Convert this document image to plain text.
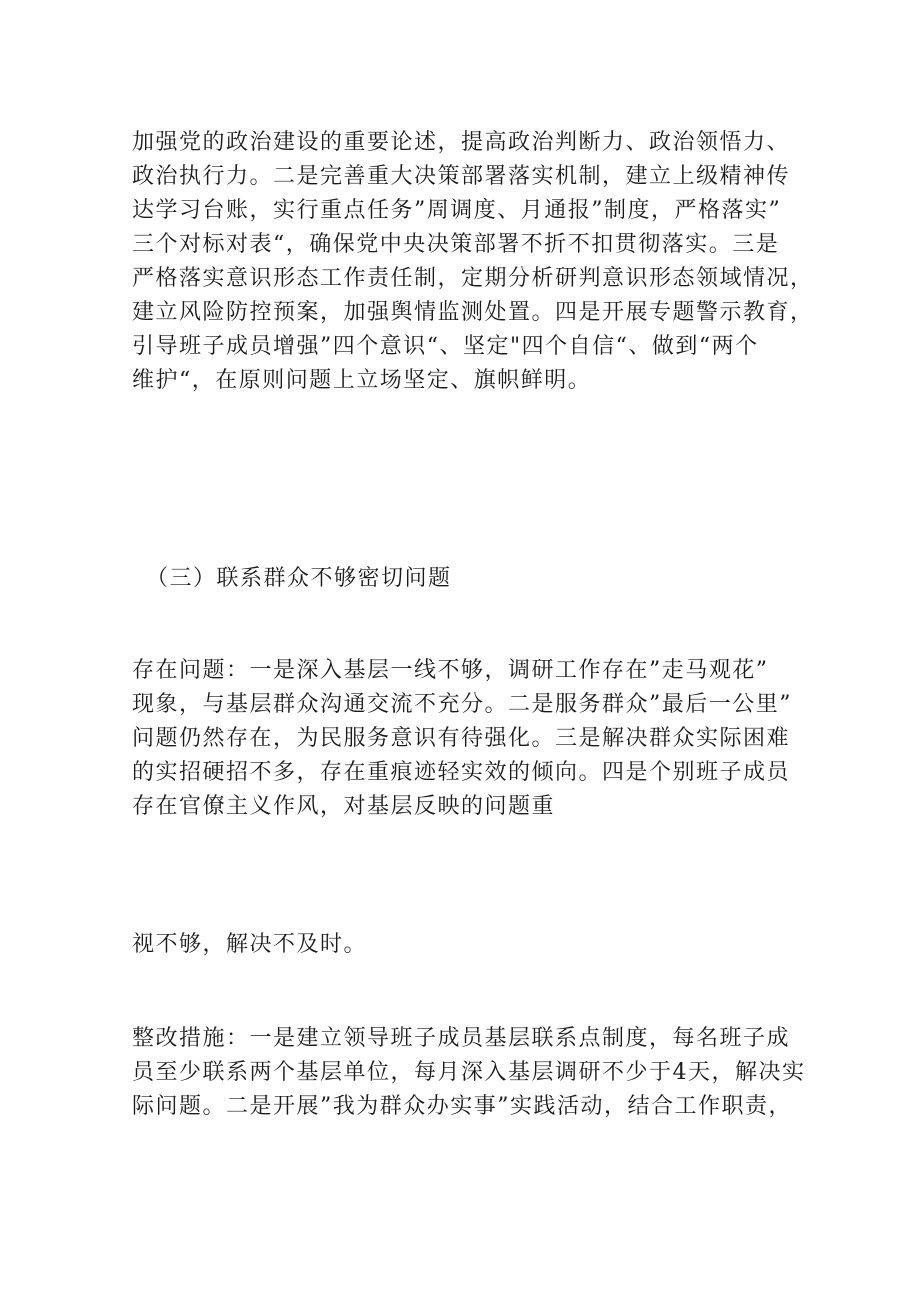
加强党的政治建设的重要论述，提高政治判断力、政治领悟力、
政治执行力。二是完善重大决策部署落实机制，建立上级精神传
达学习台账，实行重点任务”周调度、月通报”制度，严格落实”
三个对标对表“，确保党中央决策部署不折不扣贯彻落实。三是
严格落实意识形态工作责任制，定期分析研判意识形态领域情况，
建立风险防控预案，加强舆情监测处置。四是开展专题警示教育，
引导班子成员增强”四个意识“、坚定"四个自信“、做到“两个
维护“，在原则问题上立场坚定、旗帜鲜明。
（三）联系群众不够密切问题
存在问题：一是深入基层一线不够，调研工作存在”走马观花”
现象，与基层群众沟通交流不充分。二是服务群众”最后一公里”
问题仍然存在，为民服务意识有待强化。三是解决群众实际困难
的实招硬招不多，存在重痕迹轻实效的倾向。四是个别班子成员
存在官僚主义作风，对基层反映的问题重
视不够，解决不及时。
整改措施：一是建立领导班子成员基层联系点制度，每名班子成
员至少联系两个基层单位，每月深入基层调研不少于4天，解决实
际问题。二是开展”我为群众办实事”实践活动，结合工作职责，
